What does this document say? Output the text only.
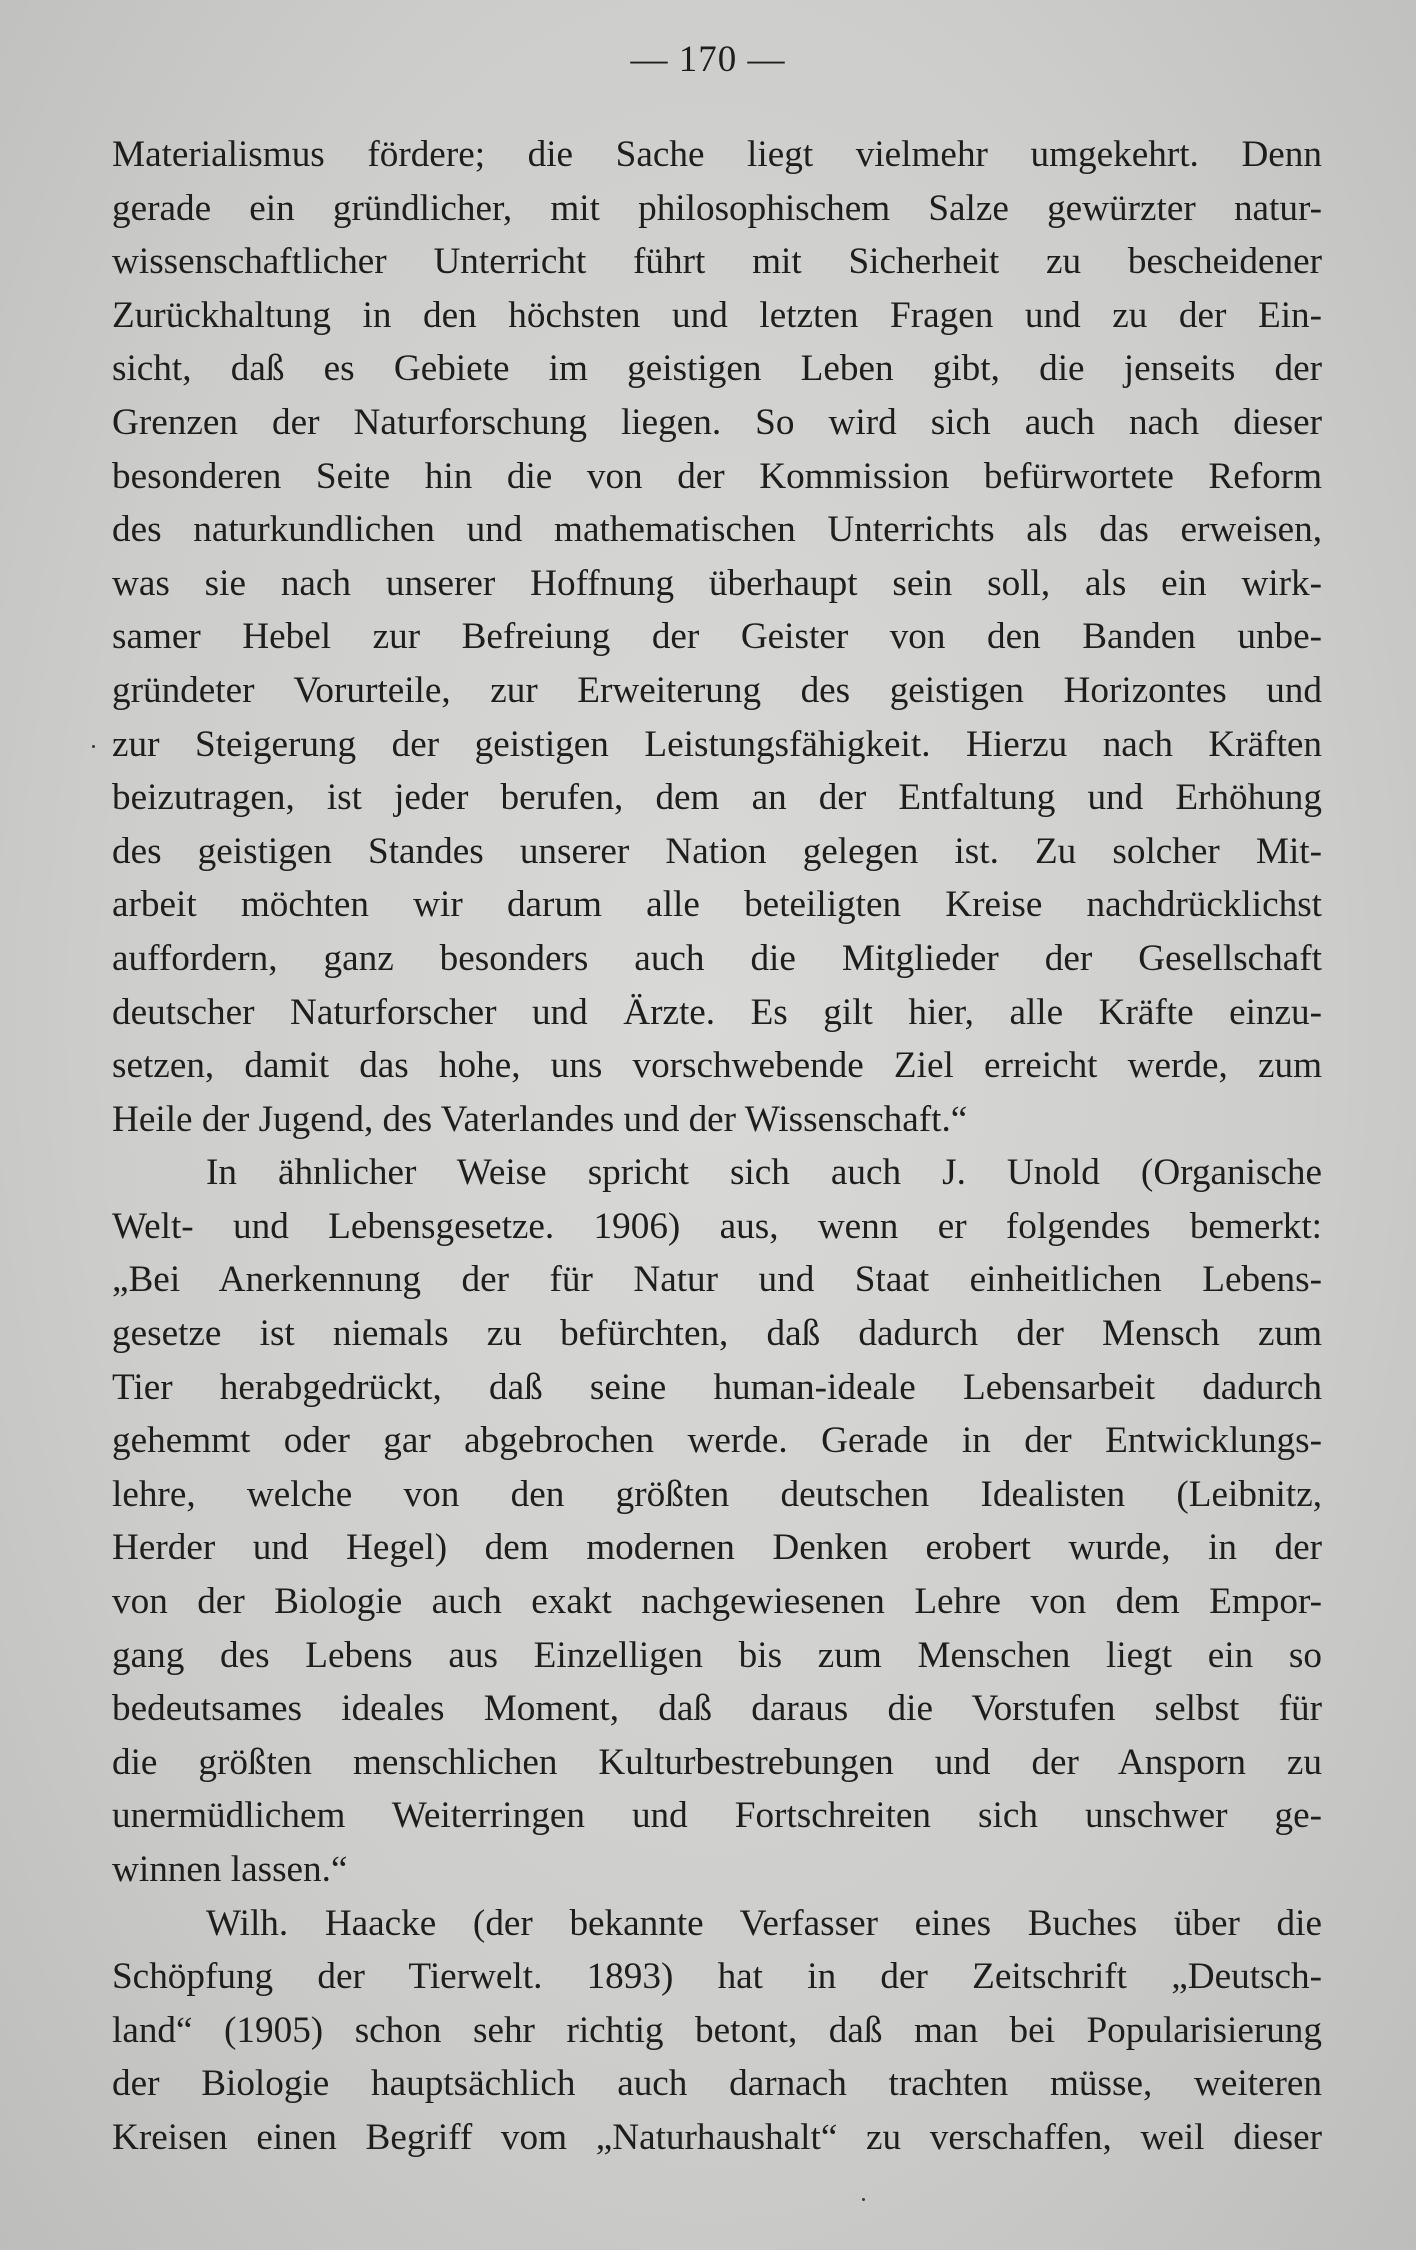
— 170 —
Materialismus fördere; die Sache liegt vielmehr umgekehrt. Denn
gerade ein gründlicher, mit philosophischem Salze gewürzter natur-
wissenschaftlicher Unterricht führt mit Sicherheit zu bescheidener
Zurückhaltung in den höchsten und letzten Fragen und zu der Ein-
sicht, daß es Gebiete im geistigen Leben gibt, die jenseits der
Grenzen der Naturforschung liegen. So wird sich auch nach dieser
besonderen Seite hin die von der Kommission befürwortete Reform
des naturkundlichen und mathematischen Unterrichts als das erweisen,
was sie nach unserer Hoffnung überhaupt sein soll, als ein wirk-
samer Hebel zur Befreiung der Geister von den Banden unbe-
gründeter Vorurteile, zur Erweiterung des geistigen Horizontes und
zur Steigerung der geistigen Leistungsfähigkeit. Hierzu nach Kräften
beizutragen, ist jeder berufen, dem an der Entfaltung und Erhöhung
des geistigen Standes unserer Nation gelegen ist. Zu solcher Mit-
arbeit möchten wir darum alle beteiligten Kreise nachdrücklichst
auffordern, ganz besonders auch die Mitglieder der Gesellschaft
deutscher Naturforscher und Ärzte. Es gilt hier, alle Kräfte einzu-
setzen, damit das hohe, uns vorschwebende Ziel erreicht werde, zum
Heile der Jugend, des Vaterlandes und der Wissenschaft.“
In ähnlicher Weise spricht sich auch J. Unold (Organische
Welt- und Lebensgesetze. 1906) aus, wenn er folgendes bemerkt:
„Bei Anerkennung der für Natur und Staat einheitlichen Lebens-
gesetze ist niemals zu befürchten, daß dadurch der Mensch zum
Tier herabgedrückt, daß seine human-ideale Lebensarbeit dadurch
gehemmt oder gar abgebrochen werde. Gerade in der Entwicklungs-
lehre, welche von den größten deutschen Idealisten (Leibnitz,
Herder und Hegel) dem modernen Denken erobert wurde, in der
von der Biologie auch exakt nachgewiesenen Lehre von dem Empor-
gang des Lebens aus Einzelligen bis zum Menschen liegt ein so
bedeutsames ideales Moment, daß daraus die Vorstufen selbst für
die größten menschlichen Kulturbestrebungen und der Ansporn zu
unermüdlichem Weiterringen und Fortschreiten sich unschwer ge-
winnen lassen.“
Wilh. Haacke (der bekannte Verfasser eines Buches über die
Schöpfung der Tierwelt. 1893) hat in der Zeitschrift „Deutsch-
land“ (1905) schon sehr richtig betont, daß man bei Popularisierung
der Biologie hauptsächlich auch darnach trachten müsse, weiteren
Kreisen einen Begriff vom „Naturhaushalt“ zu verschaffen, weil dieser
